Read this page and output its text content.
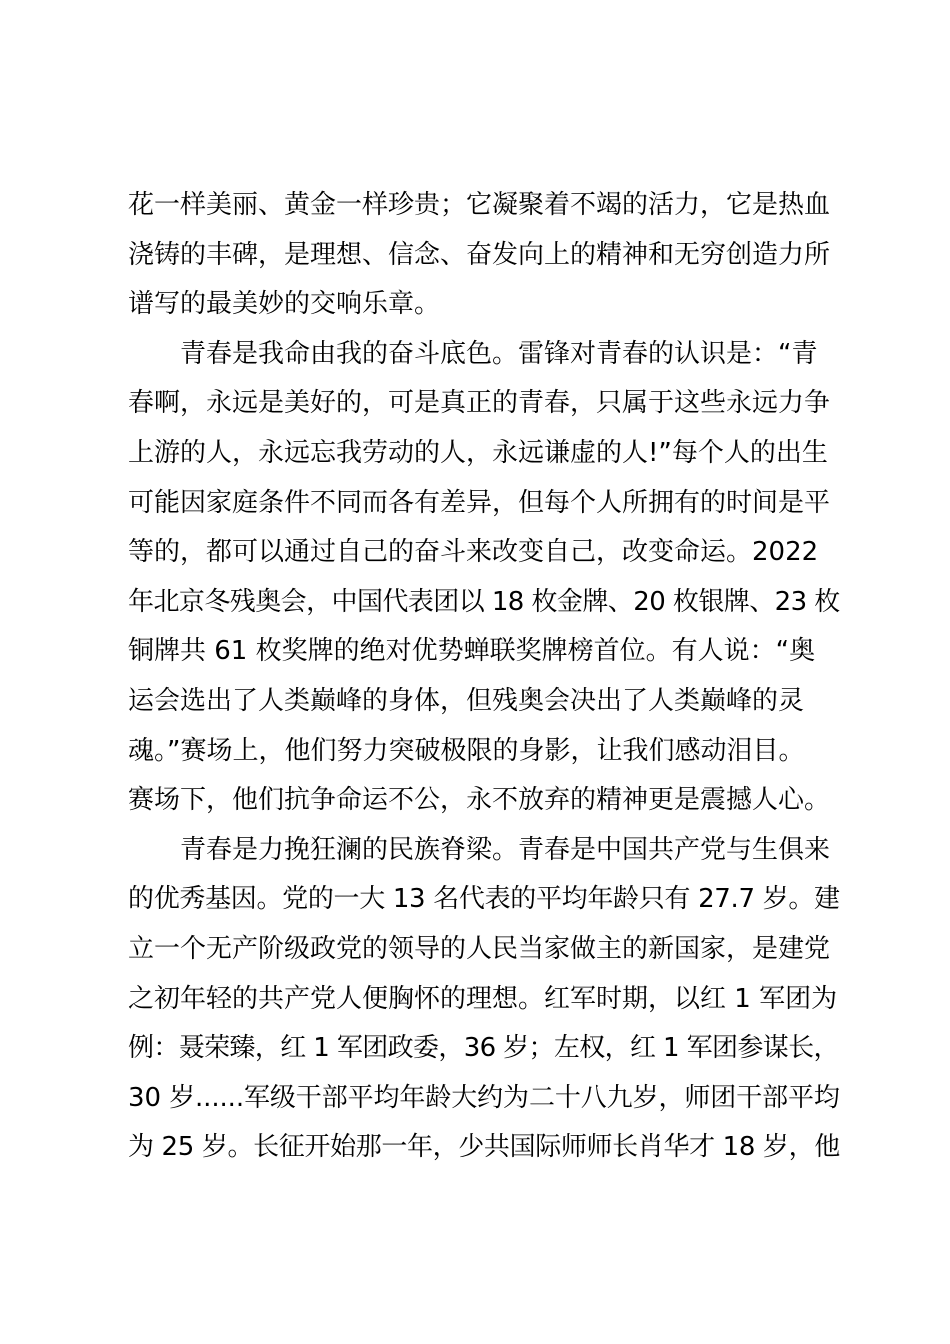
花一样美丽、黄金一样珍贵；它凝聚着不竭的活力，它是热血
浇铸的丰碑，是理想、信念、奋发向上的精神和无穷创造力所
谱写的最美妙的交响乐章。
青春是我命由我的奋斗底色。雷锋对青春的认识是：“青
春啊，永远是美好的，可是真正的青春，只属于这些永远力争
上游的人，永远忘我劳动的人，永远谦虚的人!”每个人的出生
可能因家庭条件不同而各有差异，但每个人所拥有的时间是平
等的，都可以通过自己的奋斗来改变自己，改变命运。2022
年北京冬残奥会，中国代表团以 18 枚金牌、20 枚银牌、23 枚
铜牌共 61 枚奖牌的绝对优势蝉联奖牌榜首位。有人说：“奥
运会选出了人类巅峰的身体，但残奥会决出了人类巅峰的灵
魂。”赛场上，他们努力突破极限的身影，让我们感动泪目。
赛场下，他们抗争命运不公，永不放弃的精神更是震撼人心。
青春是力挽狂澜的民族脊梁。青春是中国共产党与生俱来
的优秀基因。党的一大 13 名代表的平均年龄只有 27.7 岁。建
立一个无产阶级政党的领导的人民当家做主的新国家，是建党
之初年轻的共产党人便胸怀的理想。红军时期，以红 1 军团为
例：聂荣臻，红 1 军团政委，36 岁；左权，红 1 军团参谋长，
30 岁......军级干部平均年龄大约为二十八九岁，师团干部平均
为 25 岁。长征开始那一年，少共国际师师长肖华才 18 岁，他
